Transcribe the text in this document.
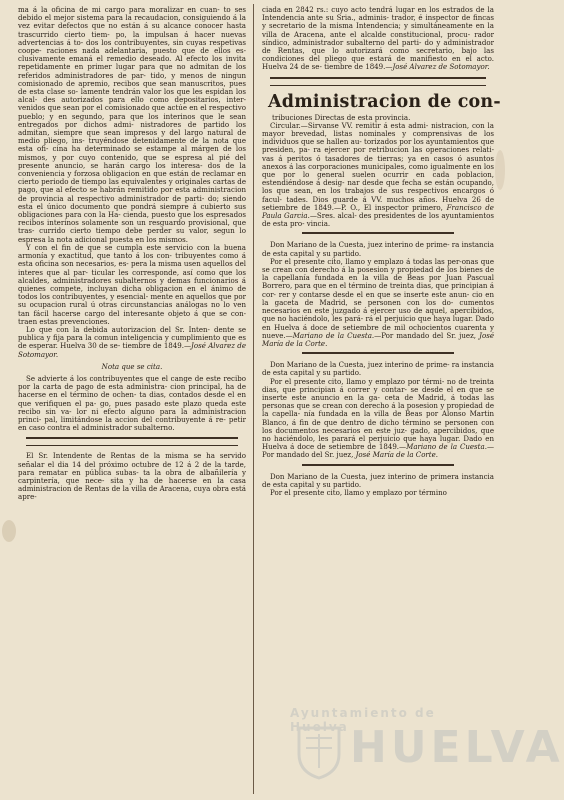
ma á la oficina de mi cargo para moralizar en cuan- to ses debido el mejor sistema para la recaudacion, consiguiendo á la vez evitar defectos que no están á su alcance conocer hasta trascurrido cierto tiem- po, la impulsan á hacer nuevas advertencias á to- dos los contribuyentes, sin cuyas respetivas coope- raciones nada adelantaria, puesto que de ellos es- clusivamente emaná el remedio deseado. Al efecto los invita repetidamente en primer lugar para que no admitan de los referidos administradores de par- tido, y menos de ningun comisionado de apremio, recibos que sean manuscritos, pues de esta clase so- lamente tendrán valor los que les espidan los alcal- des autorizados para ello como depositarios, inter- venidos que sean por el comisionado que actúe en el respectivo pueblo; y en segundo, para que los interinos que le sean entregados por dichos admi- nistradores de partido los admitan, siempre que sean impresos y del largo natural de medio pliego, ins- truyéndose detenidamente de la nota que esta ofi- cina ha determinado se estampe al márgen de los mismos, y por cuyo contenido, que se espresa al pié del presente anuncio, se harán cargo los interesa- dos de la conveniencia y forzosa obligacion en que están de reclamar en cierto periodo de tiempo las equivalentes y originales cartas de pago, que al efecto se habrán remitido por esta administracion de provincia al respectivo administrador de parti- do; siendo esta el único documento que pondrá siempre á cubierto sus obligaciones para con la Ha- cienda, puesto que los espresados recibos interinos solamente son un resguardo provisional, que tras- currido cierto tiempo debe perder su valor, segun lo espresa la nota adicional puesta en los mismos.

Y con el fin de que se cumpla este servicio con la buena armonía y exactitud, que tanto á los con- tribuyentes como á esta oficina son necesarios, es- pera la misma usen aquellos del interes que al par- ticular les corresponde, así como que los alcaldes, administradores subalternos y demas funcionarios á quienes compete, incluyan dicha obligacion en el ánimo de todos los contribuyentes, y esencial- mente en aquellos que por su ocupacion rural ú otras circunstancias análogas no lo ven tan fácil hacerse cargo del interesante objeto á que se con- traen estas prevenciones.

Lo que con la debida autorizacion del Sr. Inten- dente se publica y fija para la comun inteligencia y cumplimiento que es de esperar. Huelva 30 de se- tiembre de 1849.—José Alvarez de Sotomayor.

Nota que se cita.

Se advierte á los contribuyentes que el cange de este recibo por la carta de pago de esta administra- cion principal, ha de hacerse en el término de ochen- ta dias, contados desde el en que verifiquen el pa- go, pues pasado este plazo queda este recibo sin va- lor ni efecto alguno para la administracion princi- pal, limitándose la accion del contribuyente á re- petir en caso contra el administrador subalterno.

El Sr. Intendente de Rentas de la misma se ha servido señalar el dia 14 del próximo octubre de 12 á 2 de la tarde, para rematar en pública subas- ta la obra de albañilería y carpintería, que nece- sita y ha de hacerse en la casa administracion de Rentas de la villa de Aracena, cuya obra está apre-

ciada en 2842 rs.: cuyo acto tendrá lugar en los estrados de la Intendencia ante su Sria., adminis- trador, é inspector de fincas y secretario de la misma Intendencia; y simultáneamente en la villa de Aracena, ante el alcalde constitucional, procu- rador síndico, administrador subalterno del parti- do y administrador de Rentas, que lo autorizará como secretario, bajo las condiciones del pliego que estará de manifiesto en el acto. Huelva 24 de se- tiembre de 1849.—José Alvarez de Sotomayor.

Administracion de con-

tribuciones Directas de esta provincia.

Circular.—Sirvanse VV. remitir á esta admi- nistracion, con la mayor brevedad, listas nominales y comprensivas de los individuos que se hallen au- torizados por los ayuntamientos que presiden, pa- ra ejercer por retribucion las operaciones relati- vas á peritos ó tasadores de tierras; ya en casos ó asuntos anexos á las corporaciones municipales, como igualmente en los que por lo general suelen ocurrir en cada poblacion, estendiéndose á desig- nar desde que fecha se están ocupando, los que sean, en los trabajos de sus respectivos encargos ó facul- tades. Dios guarde á VV. muchos años. Huelva 26 de setiembre de 1849.—P. O., El inspector primero, Francisco de Paula Garcia.—Sres. alcal- des presidentes de los ayuntamientos de esta pro- vincia.

Don Mariano de la Cuesta, juez interino de prime- ra instancia de esta capital y su partido.

Por el presente cito, llamo y emplazo á todas las per-onas que se crean con derecho á la posesion y propiedad de los bienes de la capellanía fundada en la villa de Beas por Juan Pascual Borrero, para que en el término de treinta dias, que principian á cor- rer y contarse desde el en que se inserte este anun- cio en la gaceta de Madrid, se personen con los do- cumentos necesarios en este juzgado á ejercer uso de aquel, apercibidos, que no haciéndolo, les pará- rá el perjuicio que haya lugar. Dado en Huelva á doce de setiembre de mil ochocientos cuarenta y nueve.—Mariano de la Cuesta.—Por mandado del Sr. juez, José María de la Corte.

Don Mariano de la Cuesta, juez interino de prime- ra instancia de esta capital y su partido.

Por el presente cito, llamo y emplazo por térmi- no de treinta dias, que principian á correr y contar- se desde el en que se inserte este anuncio en la ga- ceta de Madrid, á todas las personas que se crean con derecho á la posesion y propiedad de la capella- nía fundada en la villa de Beas por Alonso Martin Blanco, á fin de que dentro de dicho término se personen con los documentos necesarios en este juz- gado, apercibidos, que no haciéndolo, les parará el perjuicio que haya lugar. Dado en Huelva á doce de setiembre de 1849.—Mariano de la Cuesta.— Por mandado del Sr. juez, José María de la Corte.

Don Mariano de la Cuesta, juez interino de primera instancia de esta capital y su partido.

Por el presente cito, llamo y emplazo por término

Ayuntamiento de Huelva HUELVA
